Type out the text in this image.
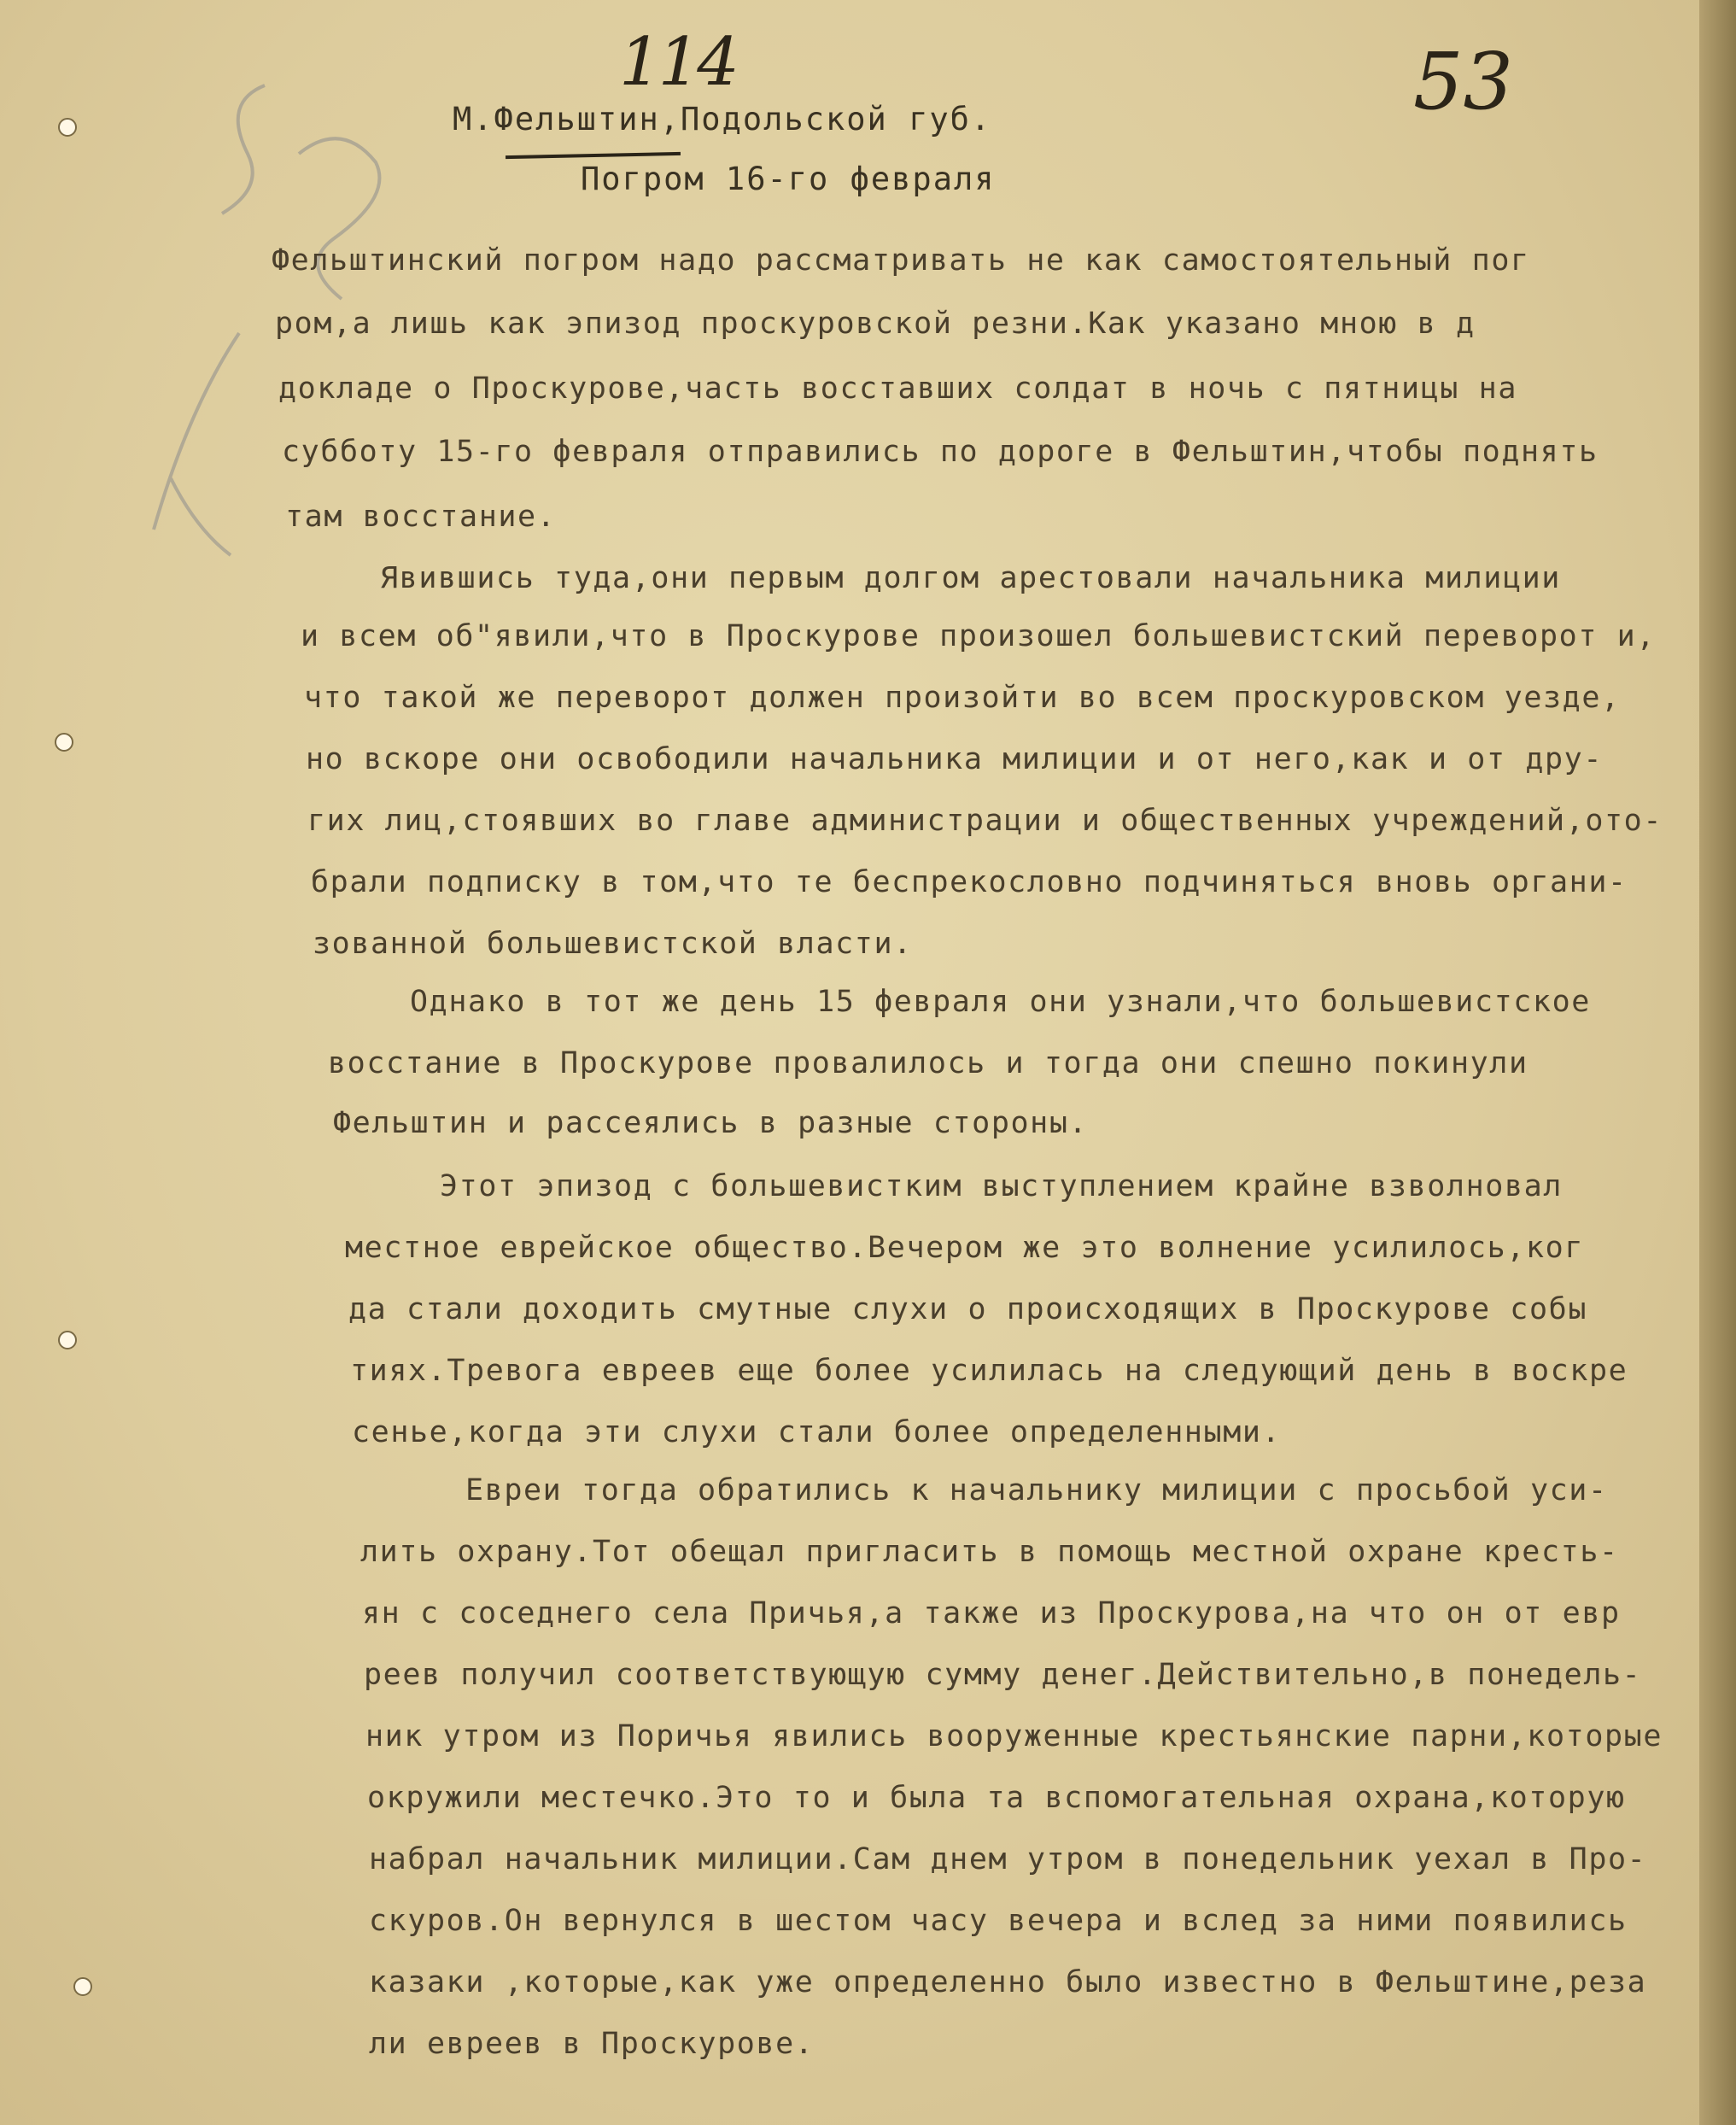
114	53
М.Фельштин,Подольской губ.
Погром 16-го февраля
Фельштинский погром надо рассматривать не как самостоятельный пог
ром,а лишь как эпизод проскуровской резни.Как указано мною в д
докладе о Проскурове,часть восставших солдат в ночь с пятницы на
субботу 15-го февраля отправились по дороге в Фельштин,чтобы поднять
там восстание.
Явившись туда,они первым долгом арестовали начальника милиции
и всем об"явили,что в Проскурове произошел большевистский переворот и,
что такой же переворот должен произойти во всем проскуровском уезде,
но вскоре они освободили начальника милиции и от него,как и от дру-
гих лиц,стоявших во главе администрации и общественных учреждений,ото-
брали подписку в том,что те беспрекословно подчиняться вновь органи-
зованной большевистской власти.
Однако в тот же день 15 февраля они узнали,что большевистское
восстание в Проскурове провалилось и тогда они спешно покинули
Фельштин и рассеялись в разные стороны.
Этот эпизод с большевистким выступлением крайне взволновал
местное еврейское общество.Вечером же это волнение усилилось,ког
да стали доходить смутные слухи о происходящих в Проскурове собы
тиях.Тревога евреев еще более усилилась на следующий день в воскре
сенье,когда эти слухи стали более определенными.
Евреи тогда обратились к начальнику милиции с просьбой уси-
лить охрану.Тот обещал пригласить в помощь местной охране кресть-
ян с соседнего села Причья,а также из Проскурова,на что он от евр
реев получил соответствующую сумму денег.Действительно,в понедель-
ник утром из Поричья явились вооруженные крестьянские парни,которые
окружили местечко.Это то и была та вспомогательная охрана,которую
набрал начальник милиции.Сам днем утром в понедельник уехал в Про-
скуров.Он вернулся в шестом часу вечера и вслед за ними появились
казаки ,которые,как уже определенно было известно в Фельштине,реза
ли евреев в Проскурове.
